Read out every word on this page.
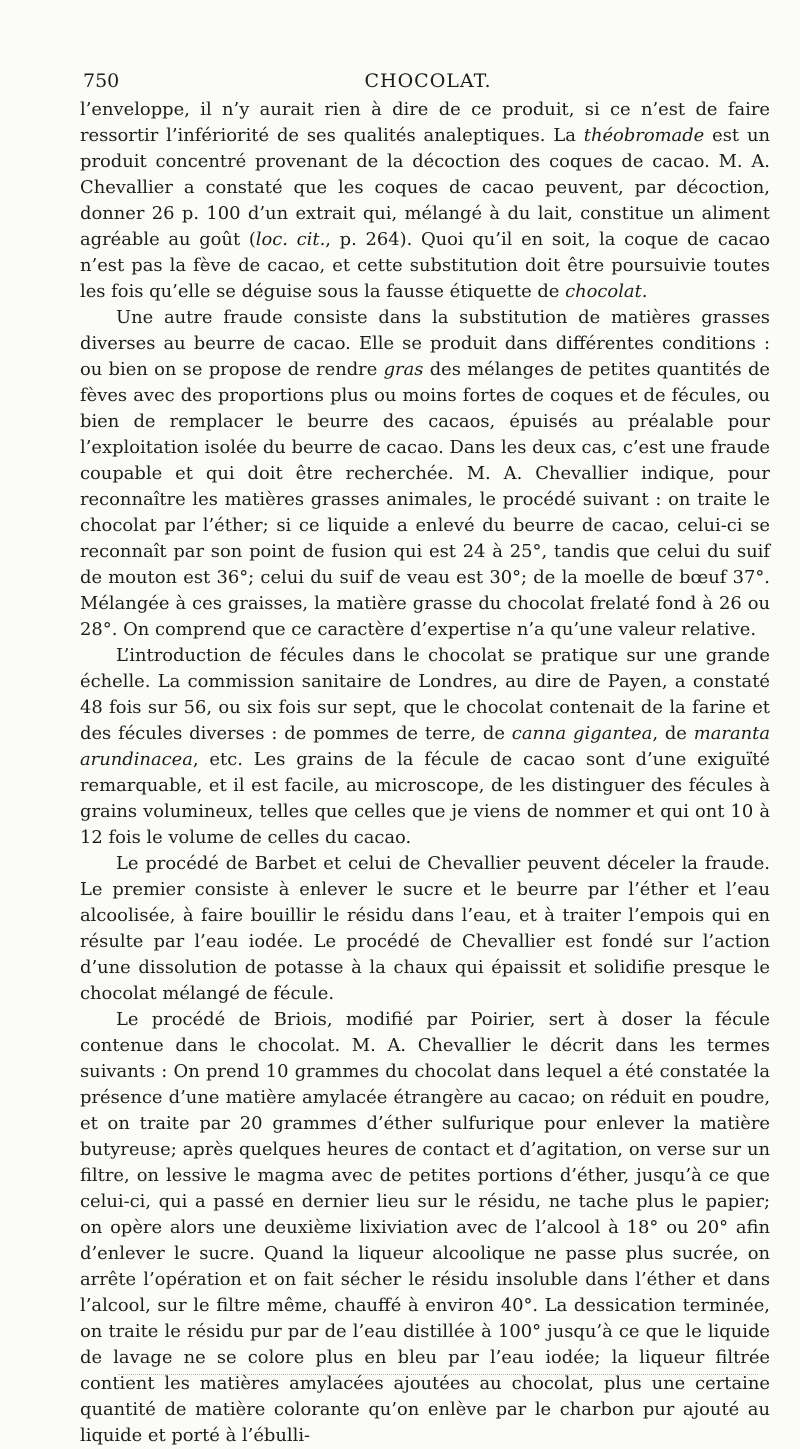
750	CHOCOLAT.

l’enveloppe, il n’y aurait rien à dire de ce produit, si ce n’est de faire ressortir l’infériorité de ses qualités analeptiques. La théobromade est un produit concentré provenant de la décoction des coques de cacao. M. A. Chevallier a constaté que les coques de cacao peuvent, par décoction, donner 26 p. 100 d’un extrait qui, mélangé à du lait, constitue un aliment agréable au goût (loc. cit., p. 264). Quoi qu’il en soit, la coque de cacao n’est pas la fève de cacao, et cette substitution doit être poursuivie toutes les fois qu’elle se déguise sous la fausse étiquette de chocolat.

Une autre fraude consiste dans la substitution de matières grasses diverses au beurre de cacao. Elle se produit dans différentes conditions : ou bien on se propose de rendre gras des mélanges de petites quantités de fèves avec des proportions plus ou moins fortes de coques et de fécules, ou bien de remplacer le beurre des cacaos, épuisés au préalable pour l’exploitation isolée du beurre de cacao. Dans les deux cas, c’est une fraude coupable et qui doit être recherchée. M. A. Chevallier indique, pour reconnaître les matières grasses animales, le procédé suivant : on traite le chocolat par l’éther; si ce liquide a enlevé du beurre de cacao, celui-ci se reconnaît par son point de fusion qui est 24 à 25°, tandis que celui du suif de mouton est 36°; celui du suif de veau est 30°; de la moelle de bœuf 37°. Mélangée à ces graisses, la matière grasse du chocolat frelaté fond à 26 ou 28°. On comprend que ce caractère d’expertise n’a qu’une valeur relative.

L’introduction de fécules dans le chocolat se pratique sur une grande échelle. La commission sanitaire de Londres, au dire de Payen, a constaté 48 fois sur 56, ou six fois sur sept, que le chocolat contenait de la farine et des fécules diverses : de pommes de terre, de canna gigantea, de maranta arundinacea, etc. Les grains de la fécule de cacao sont d’une exiguïté remarquable, et il est facile, au microscope, de les distinguer des fécules à grains volumineux, telles que celles que je viens de nommer et qui ont 10 à 12 fois le volume de celles du cacao.

Le procédé de Barbet et celui de Chevallier peuvent déceler la fraude. Le premier consiste à enlever le sucre et le beurre par l’éther et l’eau alcoolisée, à faire bouillir le résidu dans l’eau, et à traiter l’empois qui en résulte par l’eau iodée. Le procédé de Chevallier est fondé sur l’action d’une dissolution de potasse à la chaux qui épaissit et solidifie presque le chocolat mélangé de fécule.

Le procédé de Briois, modifié par Poirier, sert à doser la fécule contenue dans le chocolat. M. A. Chevallier le décrit dans les termes suivants : On prend 10 grammes du chocolat dans lequel a été constatée la présence d’une matière amylacée étrangère au cacao; on réduit en poudre, et on traite par 20 grammes d’éther sulfurique pour enlever la matière butyreuse; après quelques heures de contact et d’agitation, on verse sur un filtre, on lessive le magma avec de petites portions d’éther, jusqu’à ce que celui-ci, qui a passé en dernier lieu sur le résidu, ne tache plus le papier; on opère alors une deuxième lixiviation avec de l’alcool à 18° ou 20° afin d’enlever le sucre. Quand la liqueur alcoolique ne passe plus sucrée, on arrête l’opération et on fait sécher le résidu insoluble dans l’éther et dans l’alcool, sur le filtre même, chauffé à environ 40°. La dessication terminée, on traite le résidu pur par de l’eau distillée à 100° jusqu’à ce que le liquide de lavage ne se colore plus en bleu par l’eau iodée; la liqueur filtrée contient les matières amylacées ajoutées au chocolat, plus une certaine quantité de matière colorante qu’on enlève par le charbon pur ajouté au liquide et porté à l’ébulli-
